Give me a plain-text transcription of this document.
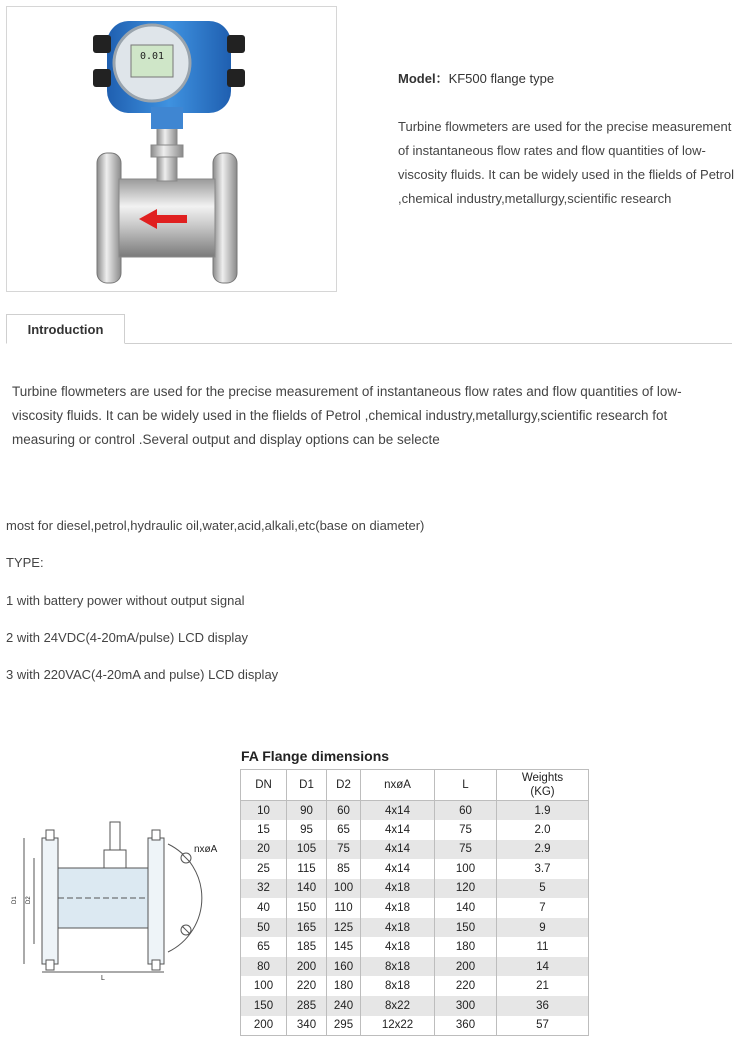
0.01
Model：KF500 flange type
Turbine flowmeters are used for the precise measurement of instantaneous flow rates and flow quantities of low-viscosity fluids. It can be widely used in the flields of Petrol ,chemical industry,metallurgy,scientific research
Introduction
Turbine flowmeters are used for the precise measurement of instantaneous flow rates and flow quantities of low-viscosity fluids. It can be widely used in the flields of Petrol ,chemical industry,metallurgy,scientific research fot measuring or control .Several output and display options can be selecte
most for diesel,petrol,hydraulic oil,water,acid,alkali,etc(base on diameter)
TYPE:
1 with battery power without output signal
2 with 24VDC(4-20mA/pulse) LCD display
3 with 220VAC(4-20mA and pulse) LCD display
nxøA
D1 D2
L
FA Flange dimensions
DN	D1	D2	nxøA	L	Weights
(KG)
10	90	60	4x14	60	1.9
15	95	65	4x14	75	2.0
20	105	75	4x14	75	2.9
25	115	85	4x14	100	3.7
32	140	100	4x18	120	5
40	150	110	4x18	140	7
50	165	125	4x18	150	9
65	185	145	4x18	180	11
80	200	160	8x18	200	14
100	220	180	8x18	220	21
150	285	240	8x22	300	36
200	340	295	12x22	360	57
